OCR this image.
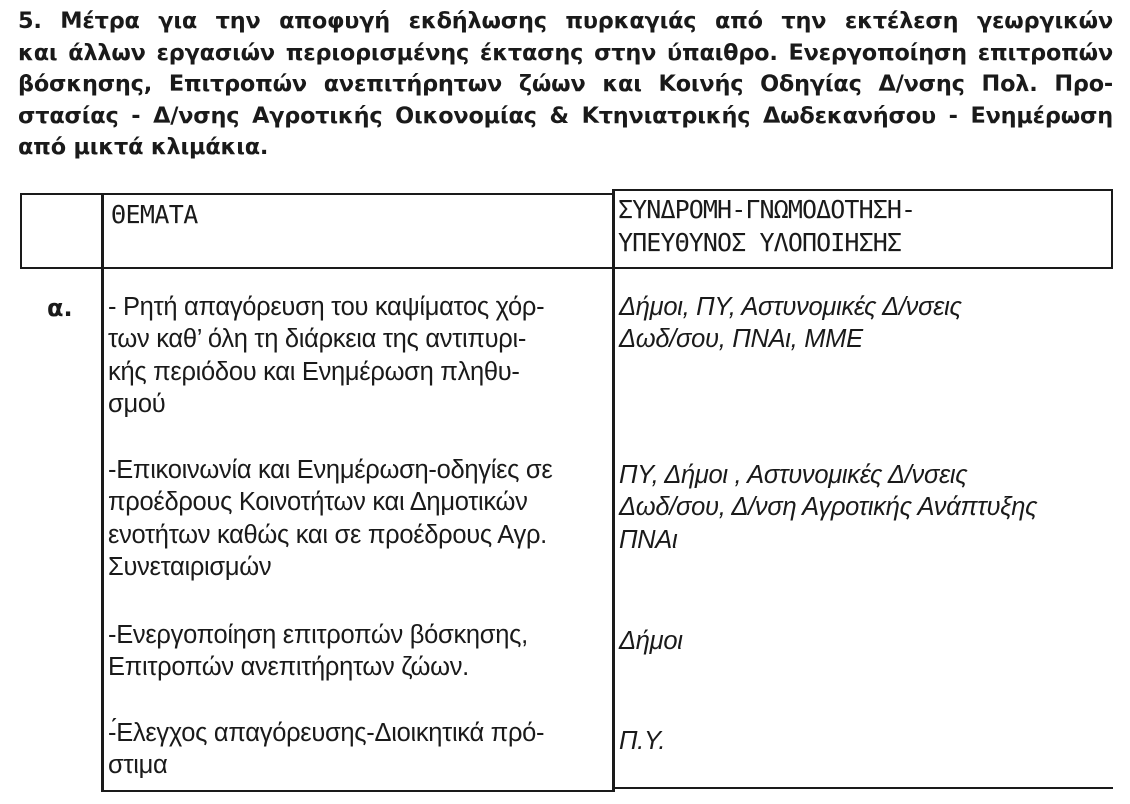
5. Μέτρα για την αποφυγή εκδήλωσης πυρκαγιάς από την εκτέλεση γεωργικών
και άλλων εργασιών περιορισμένης έκτασης στην ύπαιθρο. Ενεργοποίηση επιτροπών
βόσκησης, Επιτροπών ανεπιτήρητων ζώων και Κοινής Οδηγίας Δ/νσης Πολ. Προ-
στασίας - Δ/νσης Αγροτικής Οικονομίας & Κτηνιατρικής Δωδεκανήσου - Ενημέρωση
από μικτά κλιμάκια.
ΘΕΜΑΤΑ	ΣΥΝΔΡΟΜΗ-ΓΝΩΜΟΔΟΤΗΣΗ-
ΥΠΕΥΘΥΝΟΣ ΥΛΟΠΟΙΗΣΗΣ
α. - Ρητή απαγόρευση του καψίματος χόρ-
των καθ’ όλη τη διάρκεια της αντιπυρι-
κής περιόδου και Ενημέρωση πληθυ-
σμού
Δήμοι, ΠΥ, Αστυνομικές Δ/νσεις
Δωδ/σου, ΠΝΑι, ΜΜΕ
-Επικοινωνία και Ενημέρωση-οδηγίες σε
προέδρους Κοινοτήτων και Δημοτικών
ενοτήτων καθώς και σε προέδρους Αγρ.
Συνεταιρισμών
ΠΥ, Δήμοι , Αστυνομικές Δ/νσεις
Δωδ/σου, Δ/νση Αγροτικής Ανάπτυξης
ΠΝΑι
-Ενεργοποίηση επιτροπών βόσκησης,
Επιτροπών ανεπιτήρητων ζώων.
Δήμοι
-́Ελεγχος απαγόρευσης-Διοικητικά πρό-
στιμα
Π.Υ.
